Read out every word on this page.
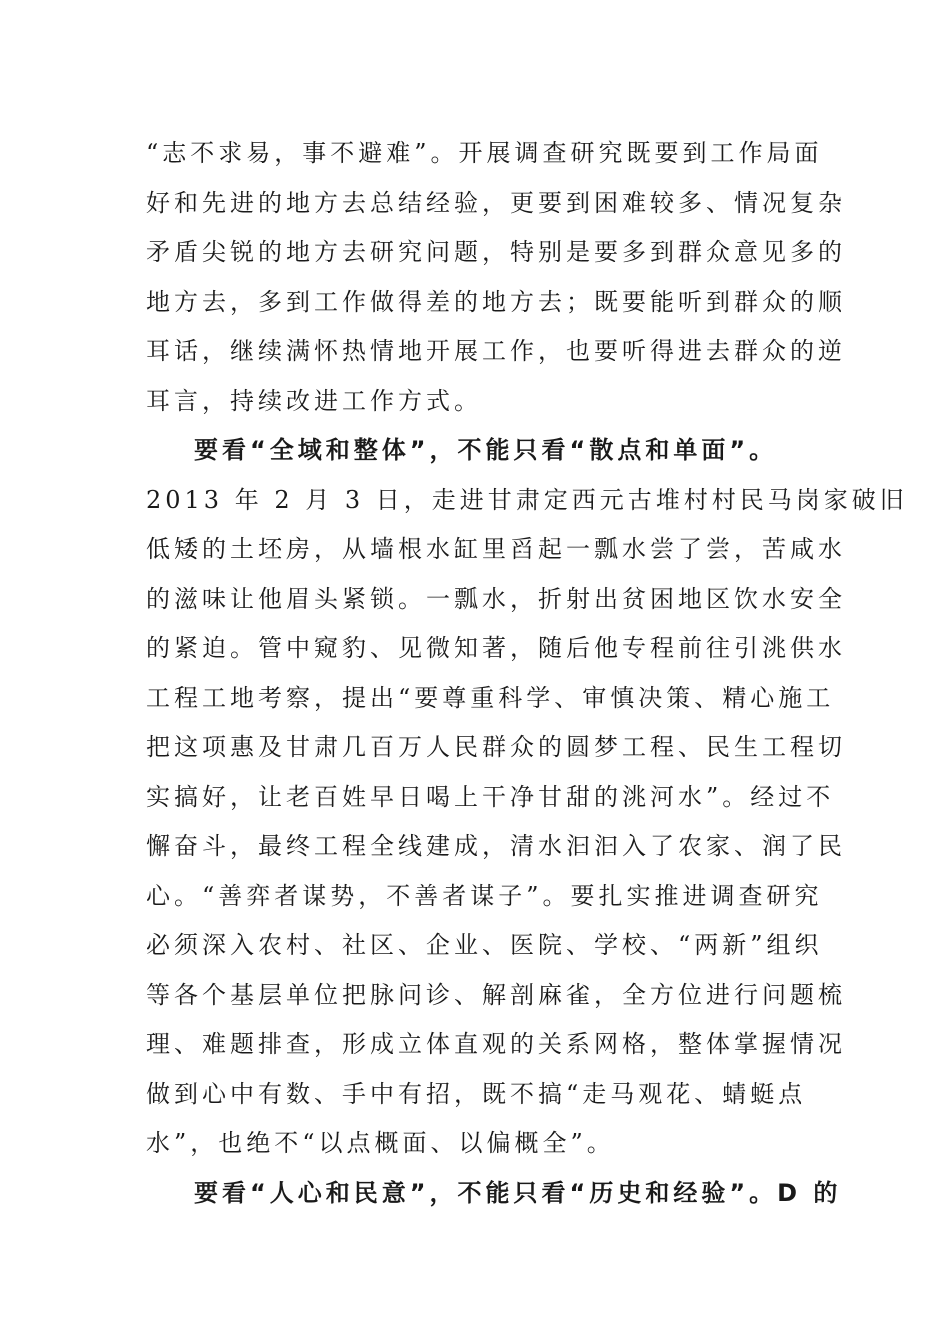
“志不求易，事不避难”。开展调查研究既要到工作局面
好和先进的地方去总结经验，更要到困难较多、情况复杂
矛盾尖锐的地方去研究问题，特别是要多到群众意见多的
地方去，多到工作做得差的地方去；既要能听到群众的顺
耳话，继续满怀热情地开展工作，也要听得进去群众的逆
耳言，持续改进工作方式。
要看“全域和整体”，不能只看“散点和单面”。
2013 年 2 月 3 日，走进甘肃定西元古堆村村民马岗家破旧
低矮的土坯房，从墙根水缸里舀起一瓢水尝了尝，苦咸水
的滋味让他眉头紧锁。一瓢水，折射出贫困地区饮水安全
的紧迫。管中窥豹、见微知著，随后他专程前往引洮供水
工程工地考察，提出“要尊重科学、审慎决策、精心施工
把这项惠及甘肃几百万人民群众的圆梦工程、民生工程切
实搞好，让老百姓早日喝上干净甘甜的洮河水”。经过不
懈奋斗，最终工程全线建成，清水汩汩入了农家、润了民
心。“善弈者谋势，不善者谋子”。要扎实推进调查研究
必须深入农村、社区、企业、医院、学校、“两新”组织
等各个基层单位把脉问诊、解剖麻雀，全方位进行问题梳
理、难题排查，形成立体直观的关系网格，整体掌握情况
做到心中有数、手中有招，既不搞“走马观花、蜻蜓点
水”，也绝不“以点概面、以偏概全”。
要看“人心和民意”，不能只看“历史和经验”。D 的
